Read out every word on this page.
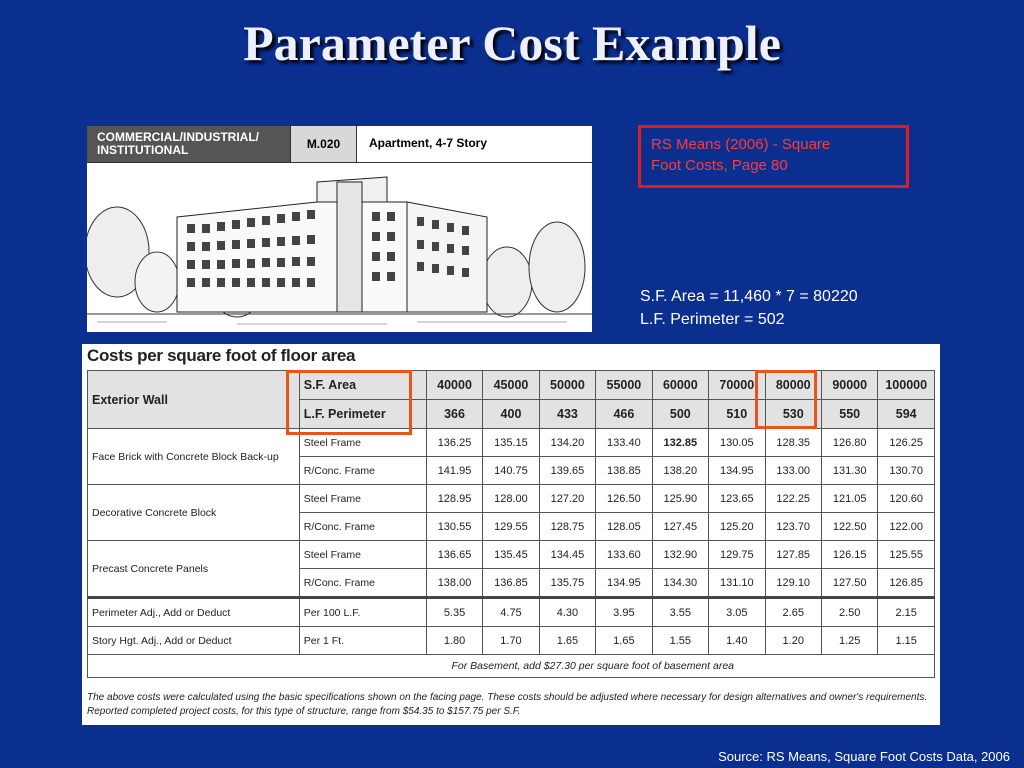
Parameter Cost Example
COMMERCIAL/INDUSTRIAL/
INSTITUTIONAL	M.020	Apartment, 4-7 Story	RS Means (2006) - Square
Foot Costs, Page 80
S.F. Area = 11,460 * 7 = 80220
L.F. Perimeter = 502
Costs per square foot of floor area
Exterior Wall	S.F. Area	40000	45000	50000	55000	60000	70000	80000	90000	100000
	L.F. Perimeter	366	400	433	466	500	510	530	550	594
Face Brick with Concrete Block Back-up	Steel Frame	136.25	135.15	134.20	133.40	132.85	130.05	128.35	126.80	126.25
	R/Conc. Frame	141.95	140.75	139.65	138.85	138.20	134.95	133.00	131.30	130.70
Decorative Concrete Block	Steel Frame	128.95	128.00	127.20	126.50	125.90	123.65	122.25	121.05	120.60
	R/Conc. Frame	130.55	129.55	128.75	128.05	127.45	125.20	123.70	122.50	122.00
Precast Concrete Panels	Steel Frame	136.65	135.45	134.45	133.60	132.90	129.75	127.85	126.15	125.55
	R/Conc. Frame	138.00	136.85	135.75	134.95	134.30	131.10	129.10	127.50	126.85
Perimeter Adj., Add or Deduct	Per 100 L.F.	5.35	4.75	4.30	3.95	3.55	3.05	2.65	2.50	2.15
Story Hgt. Adj., Add or Deduct	Per 1 Ft.	1.80	1.70	1.65	1.65	1.55	1.40	1.20	1.25	1.15
For Basement, add $27.30 per square foot of basement area										
The above costs were calculated using the basic specifications shown on the facing page. These costs should be adjusted where necessary for design alternatives and owner's requirements. Reported completed project costs, for this type of structure, range from $54.35 to $157.75 per S.F.
Source: RS Means, Square Foot Costs Data, 2006
